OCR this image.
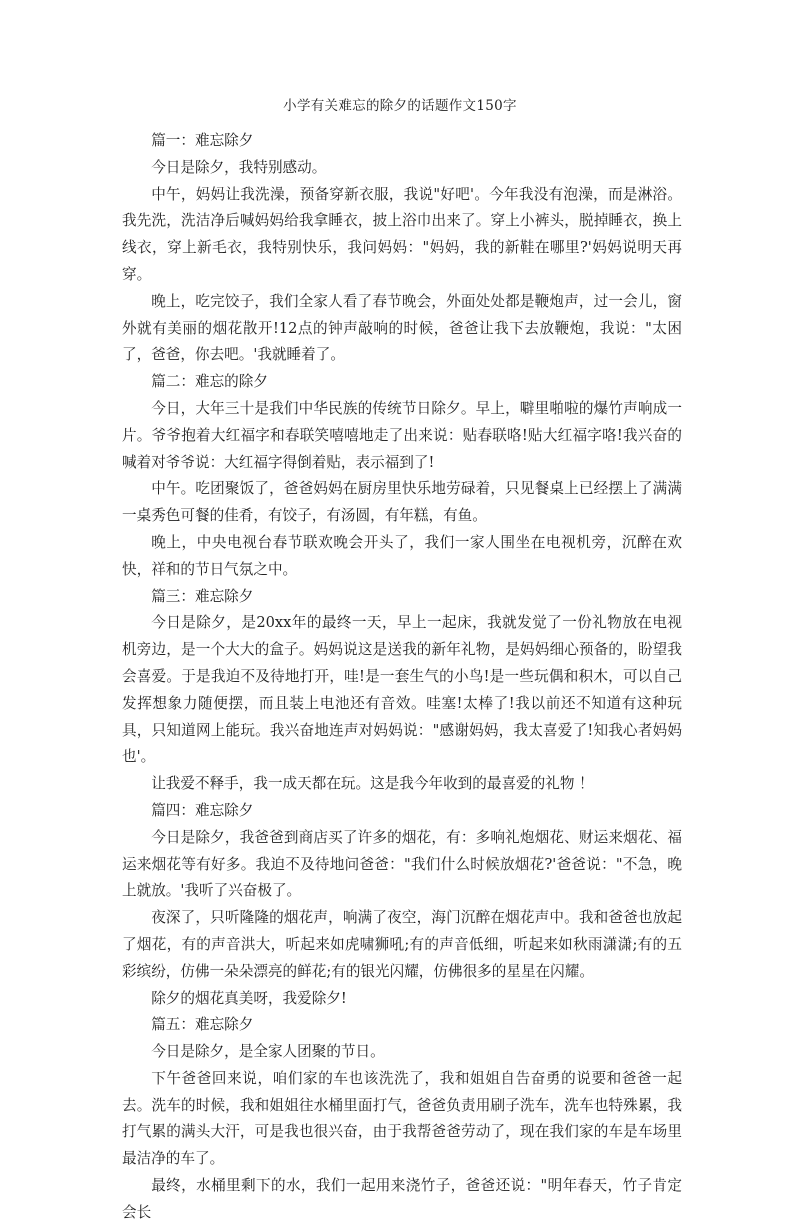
小学有关难忘的除夕的话题作文150字

篇一：难忘除夕

今日是除夕，我特别感动。

中午，妈妈让我洗澡，预备穿新衣服，我说"好吧'。今年我没有泡澡，而是淋浴。我先洗，洗洁净后喊妈妈给我拿睡衣，披上浴巾出来了。穿上小裤头，脱掉睡衣，换上线衣，穿上新毛衣，我特别快乐，我问妈妈："妈妈，我的新鞋在哪里?'妈妈说明天再穿。

晚上，吃完饺子，我们全家人看了春节晚会，外面处处都是鞭炮声，过一会儿，窗外就有美丽的烟花散开!12点的钟声敲响的时候，爸爸让我下去放鞭炮，我说："太困了，爸爸，你去吧。'我就睡着了。

篇二：难忘的除夕

今日，大年三十是我们中华民族的传统节日除夕。早上，噼里啪啦的爆竹声响成一片。爷爷抱着大红福字和春联笑嘻嘻地走了出来说：贴春联咯!贴大红福字咯!我兴奋的喊着对爷爷说：大红福字得倒着贴，表示福到了!

中午。吃团聚饭了，爸爸妈妈在厨房里快乐地劳碌着，只见餐桌上已经摆上了满满一桌秀色可餐的佳肴，有饺子，有汤圆，有年糕，有鱼。

晚上，中央电视台春节联欢晚会开头了，我们一家人围坐在电视机旁，沉醉在欢快，祥和的节日气氛之中。

篇三：难忘除夕

今日是除夕，是20xx年的最终一天，早上一起床，我就发觉了一份礼物放在电视机旁边，是一个大大的盒子。妈妈说这是送我的新年礼物，是妈妈细心预备的，盼望我会喜爱。于是我迫不及待地打开，哇!是一套生气的小鸟!是一些玩偶和积木，可以自己发挥想象力随便摆，而且装上电池还有音效。哇塞!太棒了!我以前还不知道有这种玩具，只知道网上能玩。我兴奋地连声对妈妈说："感谢妈妈，我太喜爱了!知我心者妈妈也'。

让我爱不释手，我一成天都在玩。这是我今年收到的最喜爱的礼物 ！

篇四：难忘除夕

今日是除夕，我爸爸到商店买了许多的烟花，有：多响礼炮烟花、财运来烟花、福运来烟花等有好多。我迫不及待地问爸爸："我们什么时候放烟花?'爸爸说："不急，晚上就放。'我听了兴奋极了。

夜深了，只听隆隆的烟花声，响满了夜空，海门沉醉在烟花声中。我和爸爸也放起了烟花，有的声音洪大，听起来如虎啸狮吼;有的声音低细，听起来如秋雨潇潇;有的五彩缤纷，仿佛一朵朵漂亮的鲜花;有的银光闪耀，仿佛很多的星星在闪耀。

除夕的烟花真美呀，我爱除夕!

篇五：难忘除夕

今日是除夕，是全家人团聚的节日。

下午爸爸回来说，咱们家的车也该洗洗了，我和姐姐自告奋勇的说要和爸爸一起去。洗车的时候，我和姐姐往水桶里面打气，爸爸负责用刷子洗车，洗车也特殊累，我打气累的满头大汗，可是我也很兴奋，由于我帮爸爸劳动了，现在我们家的车是车场里最洁净的车了。

最终，水桶里剩下的水，我们一起用来浇竹子，爸爸还说："明年春天，竹子肯定会长
